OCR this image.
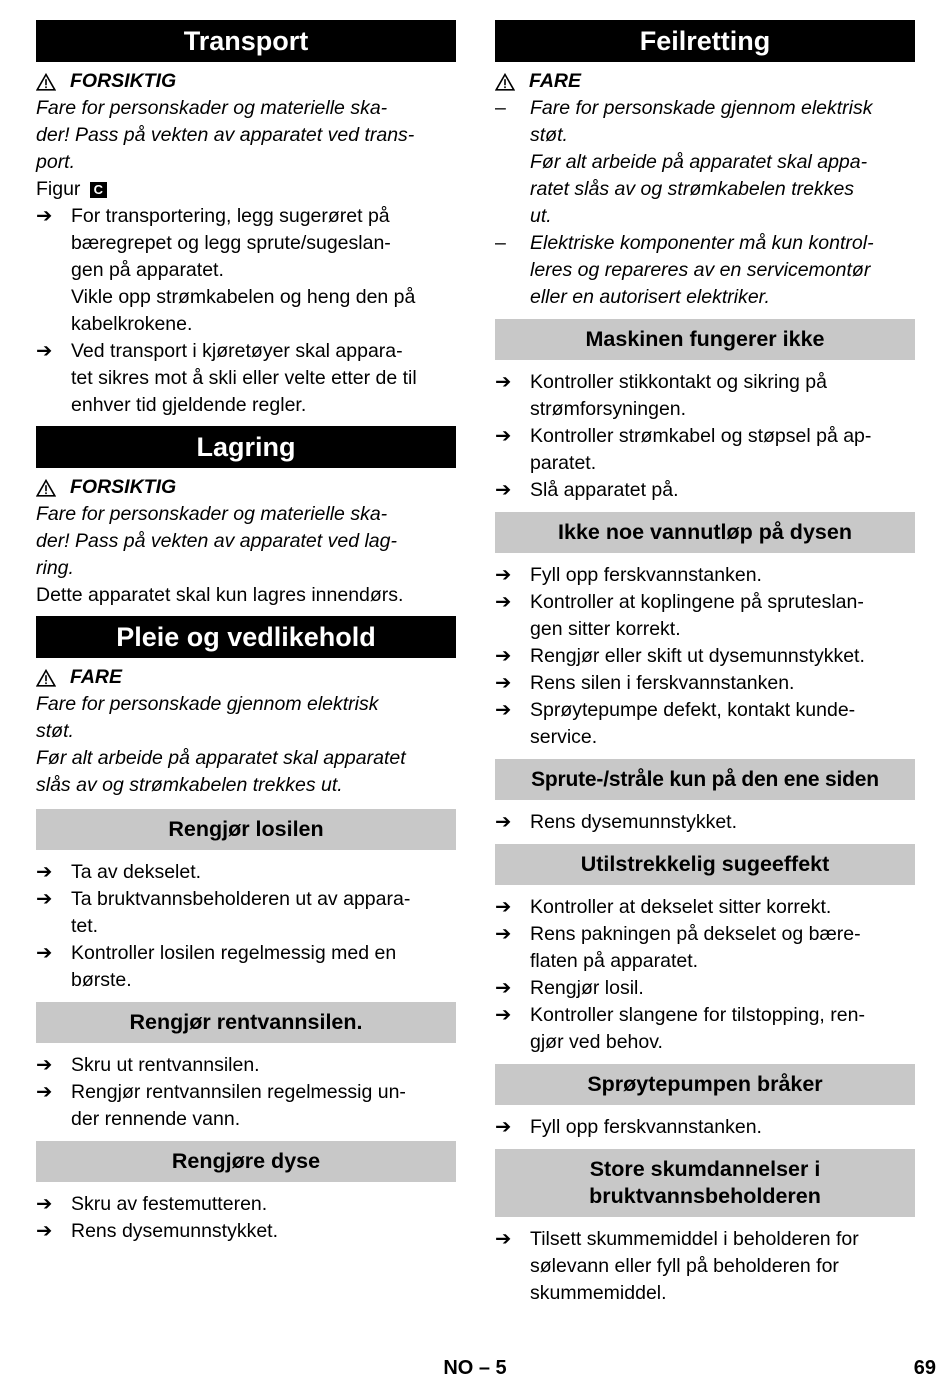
Transport
FORSIKTIG
Fare for personskader og materielle ska-
der! Pass på vekten av apparatet ved trans-
port.
Figur C
➔ For transportering, legg sugerøret på
bæregrepet og legg sprute/sugeslan-
gen på apparatet.
Vikle opp strømkabelen og heng den på
kabelkrokene.
➔ Ved transport i kjøretøyer skal appara-
tet sikres mot å skli eller velte etter de til
enhver tid gjeldende regler.
Lagring
FORSIKTIG
Fare for personskader og materielle ska-
der! Pass på vekten av apparatet ved lag-
ring.
Dette apparatet skal kun lagres innendørs.
Pleie og vedlikehold
FARE
Fare for personskade gjennom elektrisk
støt.
Før alt arbeide på apparatet skal apparatet
slås av og strømkabelen trekkes ut.
Rengjør losilen
➔ Ta av dekselet.
➔ Ta bruktvannsbeholderen ut av appara-
tet.
➔ Kontroller losilen regelmessig med en
børste.
Rengjør rentvannsilen.
➔ Skru ut rentvannsilen.
➔ Rengjør rentvannsilen regelmessig un-
der rennende vann.
Rengjøre dyse
➔ Skru av festemutteren.
➔ Rens dysemunnstykket.
Feilretting
FARE
–	Fare for personskade gjennom elektrisk
støt.
Før alt arbeide på apparatet skal appa-
ratet slås av og strømkabelen trekkes
ut.
–	Elektriske komponenter må kun kontrol-
leres og repareres av en servicemontør
eller en autorisert elektriker.
Maskinen fungerer ikke
➔ Kontroller stikkontakt og sikring på
strømforsyningen.
➔ Kontroller strømkabel og støpsel på ap-
paratet.
➔ Slå apparatet på.
Ikke noe vannutløp på dysen
➔ Fyll opp ferskvannstanken.
➔ Kontroller at koplingene på spruteslan-
gen sitter korrekt.
➔ Rengjør eller skift ut dysemunnstykket.
➔ Rens silen i ferskvannstanken.
➔ Sprøytepumpe defekt, kontakt kunde-
service.
Sprute-/stråle kun på den ene siden
➔ Rens dysemunnstykket.
Utilstrekkelig sugeeffekt
➔ Kontroller at dekselet sitter korrekt.
➔ Rens pakningen på dekselet og bære-
flaten på apparatet.
➔ Rengjør losil.
➔ Kontroller slangene for tilstopping, ren-
gjør ved behov.
Sprøytepumpen bråker
➔ Fyll opp ferskvannstanken.
Store skumdannelser i
bruktvannsbeholderen
➔ Tilsett skummemiddel i beholderen for
sølevann eller fyll på beholderen for
skummemiddel.
NO – 5	69
